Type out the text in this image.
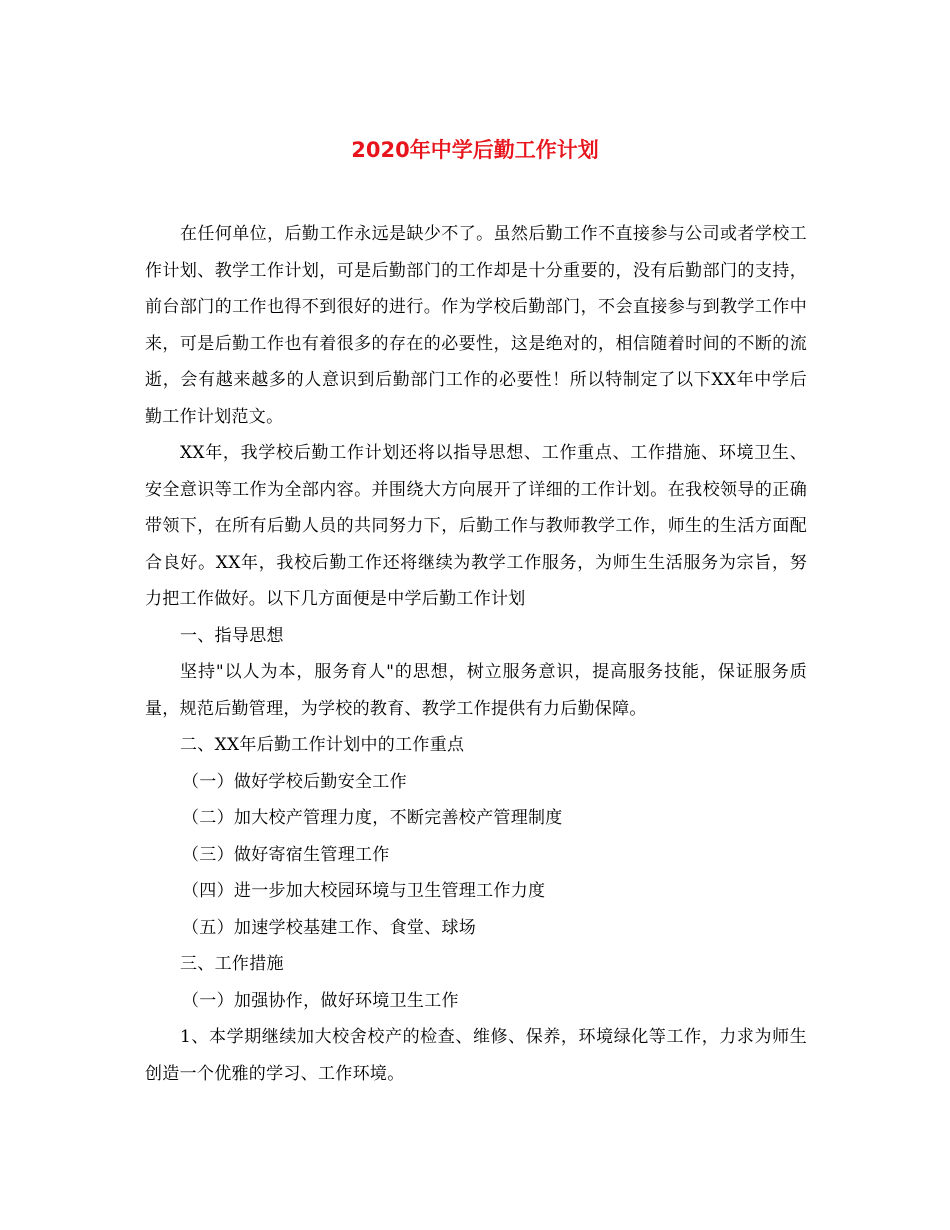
2020年中学后勤工作计划

在任何单位，后勤工作永远是缺少不了。虽然后勤工作不直接参与公司或者学校工作计划、教学工作计划，可是后勤部门的工作却是十分重要的，没有后勤部门的支持，前台部门的工作也得不到很好的进行。作为学校后勤部门，不会直接参与到教学工作中来，可是后勤工作也有着很多的存在的必要性，这是绝对的，相信随着时间的不断的流逝，会有越来越多的人意识到后勤部门工作的必要性！所以特制定了以下XX年中学后勤工作计划范文。

XX年，我学校后勤工作计划还将以指导思想、工作重点、工作措施、环境卫生、安全意识等工作为全部内容。并围绕大方向展开了详细的工作计划。在我校领导的正确带领下，在所有后勤人员的共同努力下，后勤工作与教师教学工作，师生的生活方面配合良好。XX年，我校后勤工作还将继续为教学工作服务，为师生生活服务为宗旨，努力把工作做好。以下几方面便是中学后勤工作计划

一、指导思想

坚持"以人为本，服务育人"的思想，树立服务意识，提高服务技能，保证服务质量，规范后勤管理，为学校的教育、教学工作提供有力后勤保障。

二、XX年后勤工作计划中的工作重点

（一）做好学校后勤安全工作

（二）加大校产管理力度，不断完善校产管理制度

（三）做好寄宿生管理工作

（四）进一步加大校园环境与卫生管理工作力度

（五）加速学校基建工作、食堂、球场

三、工作措施

（一）加强协作，做好环境卫生工作

1、本学期继续加大校舍校产的检查、维修、保养，环境绿化等工作，力求为师生创造一个优雅的学习、工作环境。
